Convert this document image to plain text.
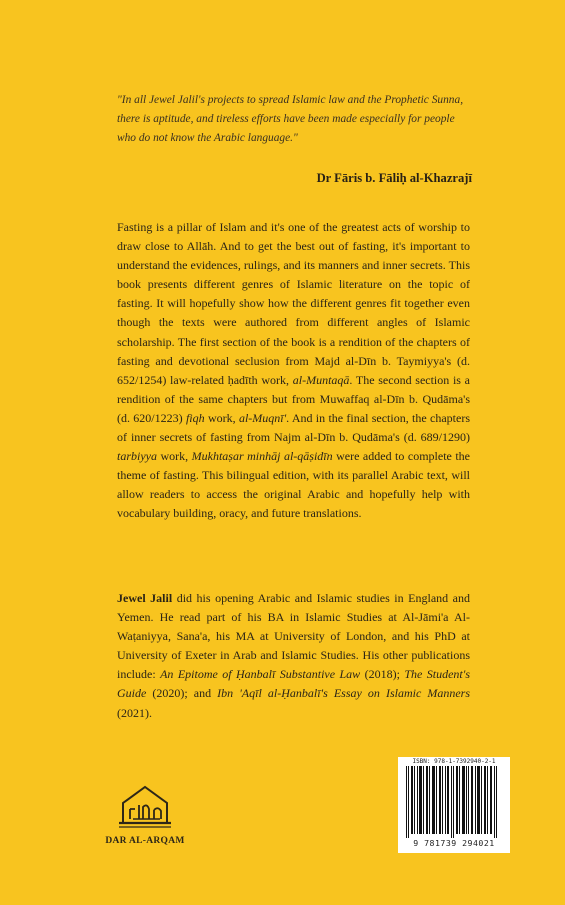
"In all Jewel Jalil's projects to spread Islamic law and the Prophetic Sunna, there is aptitude, and tireless efforts have been made especially for people who do not know the Arabic language."
Dr Fāris b. Fāliḥ al-Khazrajī
Fasting is a pillar of Islam and it's one of the greatest acts of worship to draw close to Allāh. And to get the best out of fasting, it's important to understand the evidences, rulings, and its manners and inner secrets. This book presents different genres of Islamic literature on the topic of fasting. It will hopefully show how the different genres fit together even though the texts were authored from different angles of Islamic scholarship. The first section of the book is a rendition of the chapters of fasting and devotional seclusion from Majd al-Dīn b. Taymiyya's (d. 652/1254) law-related ḥadīth work, al-Muntaqā. The second section is a rendition of the same chapters but from Muwaffaq al-Dīn b. Qudāma's (d. 620/1223) fiqh work, al-Muqnī'. And in the final section, the chapters of inner secrets of fasting from Najm al-Dīn b. Qudāma's (d. 689/1290) tarbiyya work, Mukhtaṣar minhāj al-qāṣidīn were added to complete the theme of fasting. This bilingual edition, with its parallel Arabic text, will allow readers to access the original Arabic and hopefully help with vocabulary building, oracy, and future translations.
Jewel Jalil did his opening Arabic and Islamic studies in England and Yemen. He read part of his BA in Islamic Studies at Al-Jāmi'a Al-Waṭaniyya, Sana'a, his MA at University of London, and his PhD at University of Exeter in Arab and Islamic Studies. His other publications include: An Epitome of Ḥanbalī Substantive Law (2018); The Student's Guide (2020); and Ibn 'Aqīl al-Ḥanbalī's Essay on Islamic Manners (2021).
DAR AL-ARQAM
ISBN: 978-1-7392940-2-1
9 781739 294021
